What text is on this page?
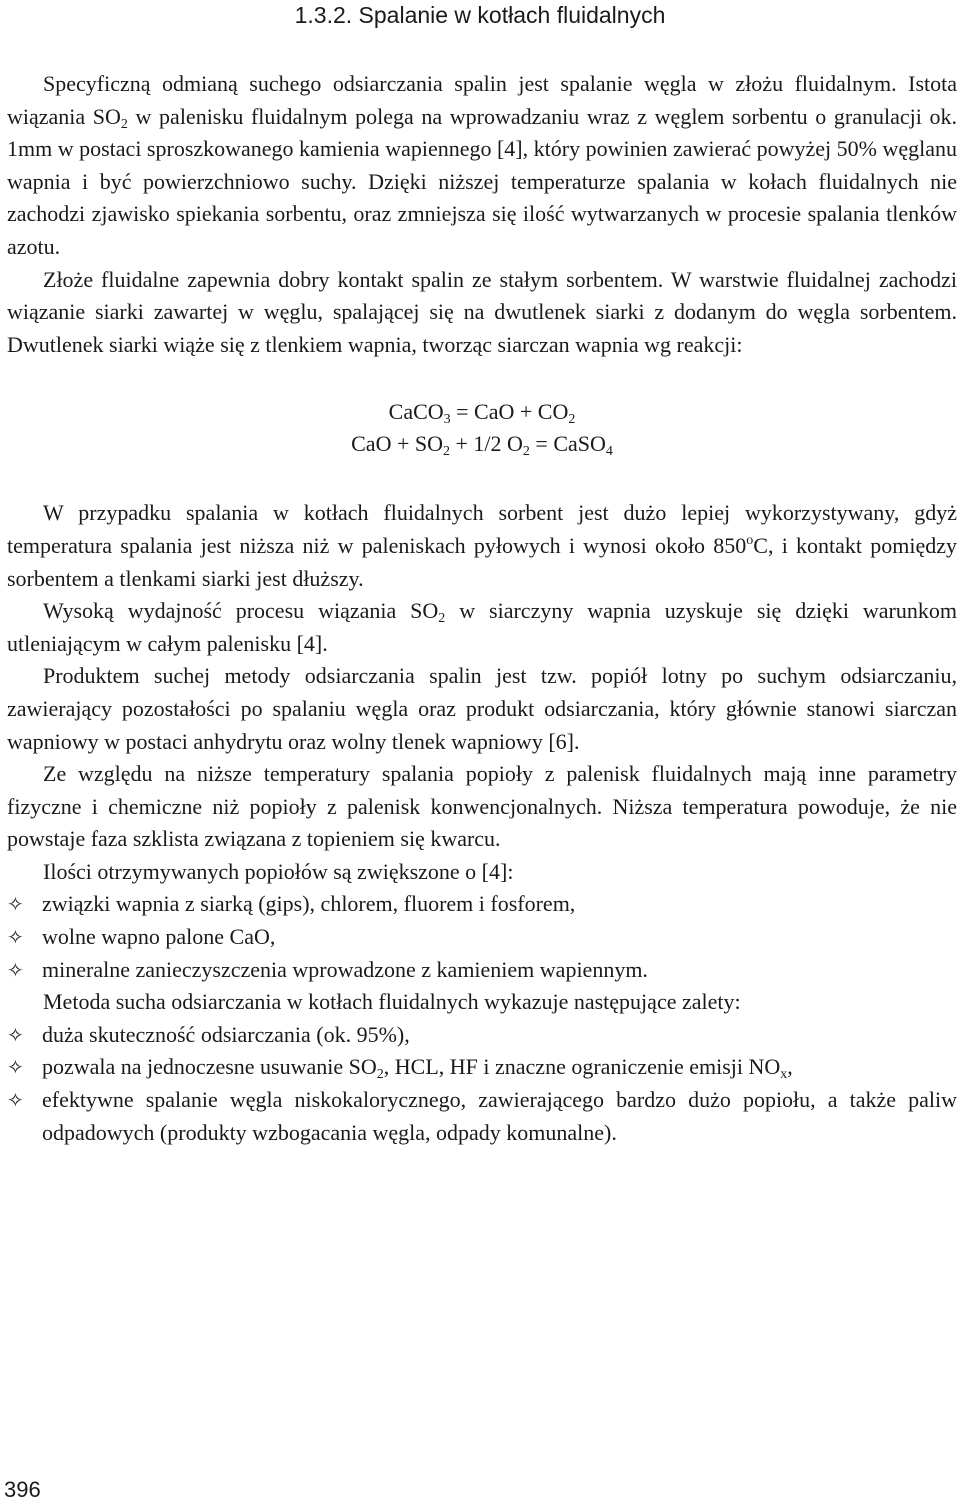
1.3.2. Spalanie w kotłach fluidalnych

Specyficzną odmianą suchego odsiarczania spalin jest spalanie węgla w złożu fluidalnym. Istota wiązania $SO_2$ w palenisku fluidalnym polega na wprowadzaniu wraz z węglem sorbentu o granulacji ok. 1mm w postaci sproszkowanego kamienia wapiennego [4], który powinien zawierać powyżej 50% węglanu wapnia i być powierzchniowo suchy. Dzięki niższej temperaturze spalania w kołach fluidalnych nie zachodzi zjawisko spiekania sorbentu, oraz zmniejsza się ilość wytwarzanych w procesie spalania tlenków azotu.

Złoże fluidalne zapewnia dobry kontakt spalin ze stałym sorbentem. W warstwie fluidalnej zachodzi wiązanie siarki zawartej w węglu, spalającej się na dwutlenek siarki z dodanym do węgla sorbentem. Dwutlenek siarki wiąże się z tlenkiem wapnia, tworząc siarczan wapnia wg reakcji:

CaCO$_3$ = CaO + $CO_2$
CaO + $SO_2 + 1/2$ $O_2$ = CaSO$_4$

W przypadku spalania w kotłach fluidalnych sorbent jest dużo lepiej wykorzystywany, gdyż temperatura spalania jest niższa niż w paleniskach pyłowych i wynosi około 850$^o$C, i kontakt pomiędzy sorbentem a tlenkami siarki jest dłuższy.

Wysoką wydajność procesu wiązania $SO_2$ w siarczyny wapnia uzyskuje się dzięki warunkom utleniającym w całym palenisku [4].

Produktem suchej metody odsiarczania spalin jest tzw. popiół lotny po suchym odsiarczaniu, zawierający pozostałości po spalaniu węgla oraz produkt odsiarczania, który głównie stanowi siarczan wapniowy w postaci anhydrytu oraz wolny tlenek wapniowy [6].

Ze względu na niższe temperatury spalania popioły z palenisk fluidalnych mają inne parametry fizyczne i chemiczne niż popioły z palenisk konwencjonalnych. Niższa temperatura powoduje, że nie powstaje faza szklista związana z topieniem się kwarcu.

Ilości otrzymywanych popiołów są zwiększone o [4]:

✧ związki wapnia z siarką (gips), chlorem, fluorem i fosforem,
✧ wolne wapno palone CaO,
✧ mineralne zanieczyszczenia wprowadzone z kamieniem wapiennym.

Metoda sucha odsiarczania w kotłach fluidalnych wykazuje następujące zalety:

✧ duża skuteczność odsiarczania (ok. 95%),
✧ pozwala na jednoczesne usuwanie $SO_2$, HCL, HF i znaczne ograniczenie emisji $NO_x$,
✧ efektywne spalanie węgla niskokalorycznego, zawierającego bardzo dużo popiołu, a także paliw odpadowych (produkty wzbogacania węgla, odpady komunalne).
396
